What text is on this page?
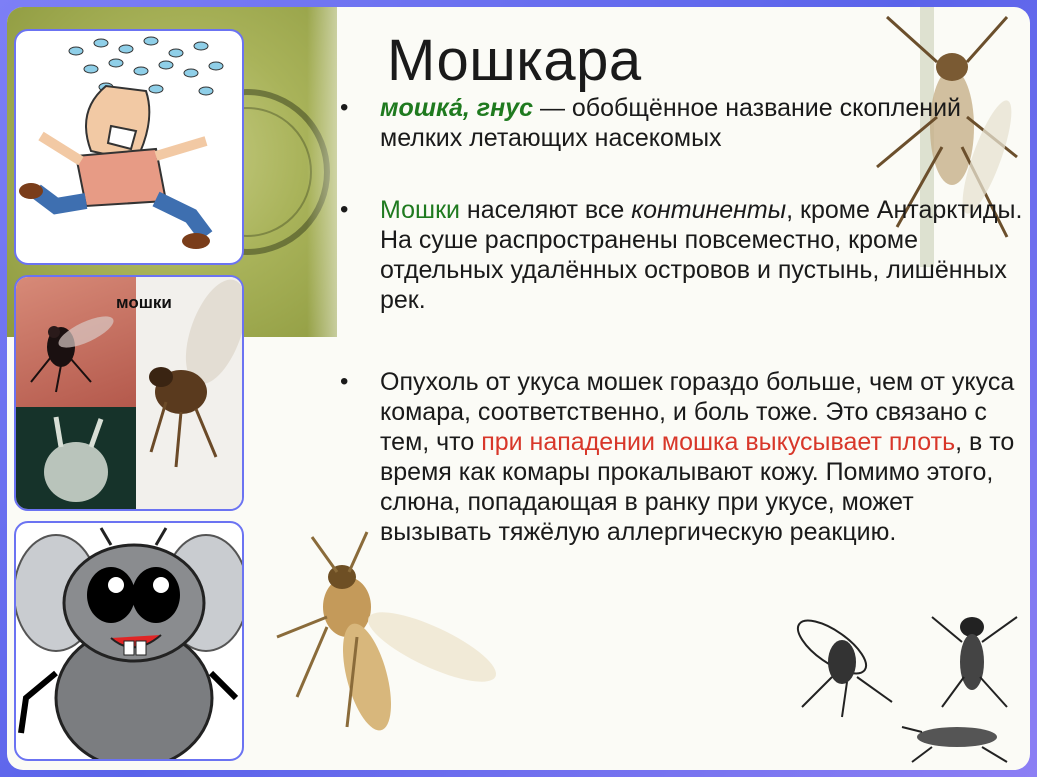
Мошкара
• мошка́, гнус — обобщённое название скоплений мелких летающих насекомых
• Мошки населяют все континенты, кроме Антарктиды. На суше распространены повсеместно, кроме отдельных удалённых островов и пустынь, лишённых рек.
• Опухоль от укуса мошек гораздо больше, чем от укуса комара, соответственно, и боль тоже. Это связано с тем, что при нападении мошка выкусывает плоть, в то время как комары прокалывают кожу. Помимо этого, слюна, попадающая в ранку при укусе, может вызывать тяжёлую аллергическую реакцию.
мошки
